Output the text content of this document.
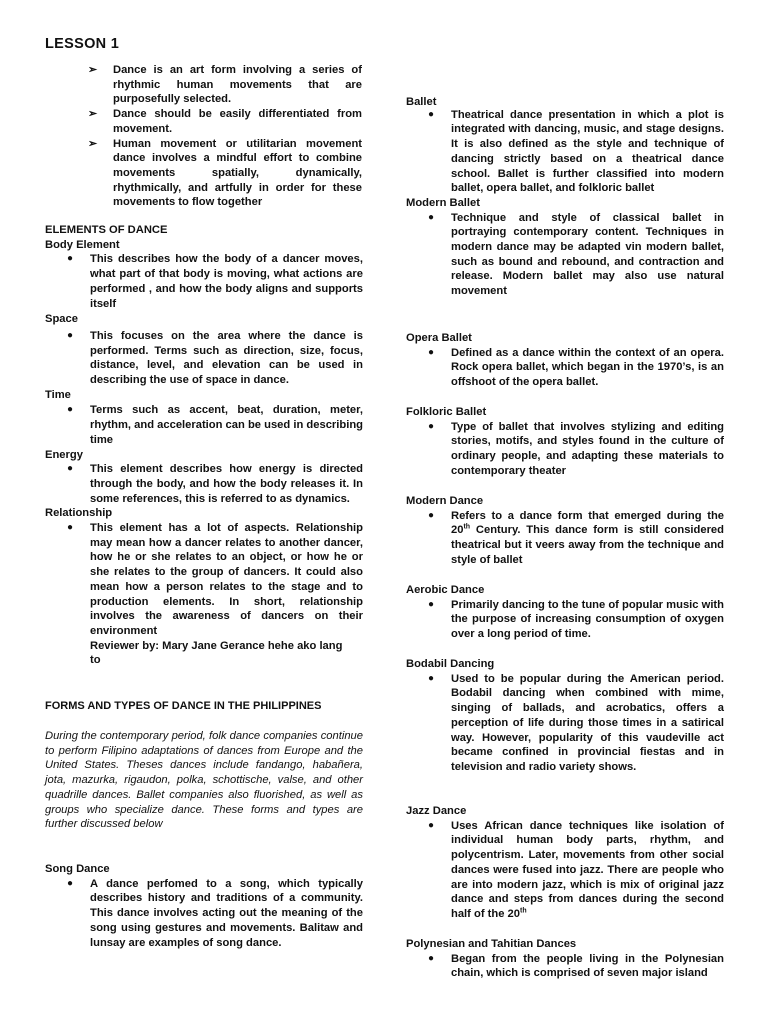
LESSON 1
➢ Dance is an art form involving a series of rhythmic human movements that are purposefully selected.
➢ Dance should be easily differentiated from movement.
➢ Human movement or utilitarian movement dance involves a mindful effort to combine movements spatially, dynamically, rhythmically, and artfully in order for these movements to flow together
ELEMENTS OF DANCE
Body Element
● This describes how the body of a dancer moves, what part of that body is moving, what actions are performed , and how the body aligns and supports itself
Space
● This focuses on the area where the dance is performed. Terms such as direction, size, focus, distance, level, and elevation can be used in describing the use of space in dance.
Time
● Terms such as accent, beat, duration, meter, rhythm, and acceleration can be used in describing time
Energy
● This element describes how energy is directed through the body, and how the body releases it. In some references, this is referred to as dynamics.
Relationship
● This element has a lot of aspects. Relationship may mean how a dancer relates to another dancer, how he or she relates to an object, or how he or she relates to the group of dancers. It could also mean how a person relates to the stage and to production elements. In short, relationship involves the awareness of dancers on their environment
Reviewer by: Mary Jane Gerance hehe ako lang
to
FORMS AND TYPES OF DANCE IN THE PHILIPPINES
During the contemporary period, folk dance companies continue to perform Filipino adaptations of dances from Europe and the United States. Theses dances include fandango, habañera, jota, mazurka, rigaudon, polka, schottische, valse, and other quadrille dances. Ballet companies also fluorished, as well as groups who specialize dance. These forms and types are further discussed below
Song Dance
● A dance perfomed to a song, which typically describes history and traditions of a community. This dance involves acting out the meaning of the song using gestures and movements. Balitaw and lunsay are examples of song dance.
Ballet
● Theatrical dance presentation in which a plot is integrated with dancing, music, and stage designs. It is also defined as the style and technique of dancing strictly based on a theatrical dance school. Ballet is further classified into modern ballet, opera ballet, and folkloric ballet
Modern Ballet
● Technique and style of classical ballet in portraying contemporary content. Techniques in modern dance may be adapted vin modern ballet, such as bound and rebound, and contraction and release. Modern ballet may also use natural movement
Opera Ballet
● Defined as a dance within the context of an opera. Rock opera ballet, which began in the 1970’s, is an offshoot of the opera ballet.
Folkloric Ballet
● Type of ballet that involves stylizing and editing stories, motifs, and styles found in the culture of ordinary people, and adapting these materials to contemporary theater
Modern Dance
● Refers to a dance form that emerged during the 20th Century. This dance form is still considered theatrical but it veers away from the technique and style of ballet
Aerobic Dance
● Primarily dancing to the tune of popular music with the purpose of increasing consumption of oxygen over a long period of time.
Bodabil Dancing
● Used to be popular during the American period. Bodabil dancing when combined with mime, singing of ballads, and acrobatics, offers a perception of life during those times in a satirical way. However, popularity of this vaudeville act became confined in provincial fiestas and in television and radio variety shows.
Jazz Dance
● Uses African dance techniques like isolation of individual human body parts, rhythm, and polycentrism. Later, movements from other social dances were fused into jazz. There are people who are into modern jazz, which is mix of original jazz dance and steps from dances during the second half of the 20th
Polynesian and Tahitian Dances
● Began from the people living in the Polynesian chain, which is comprised of seven major island
